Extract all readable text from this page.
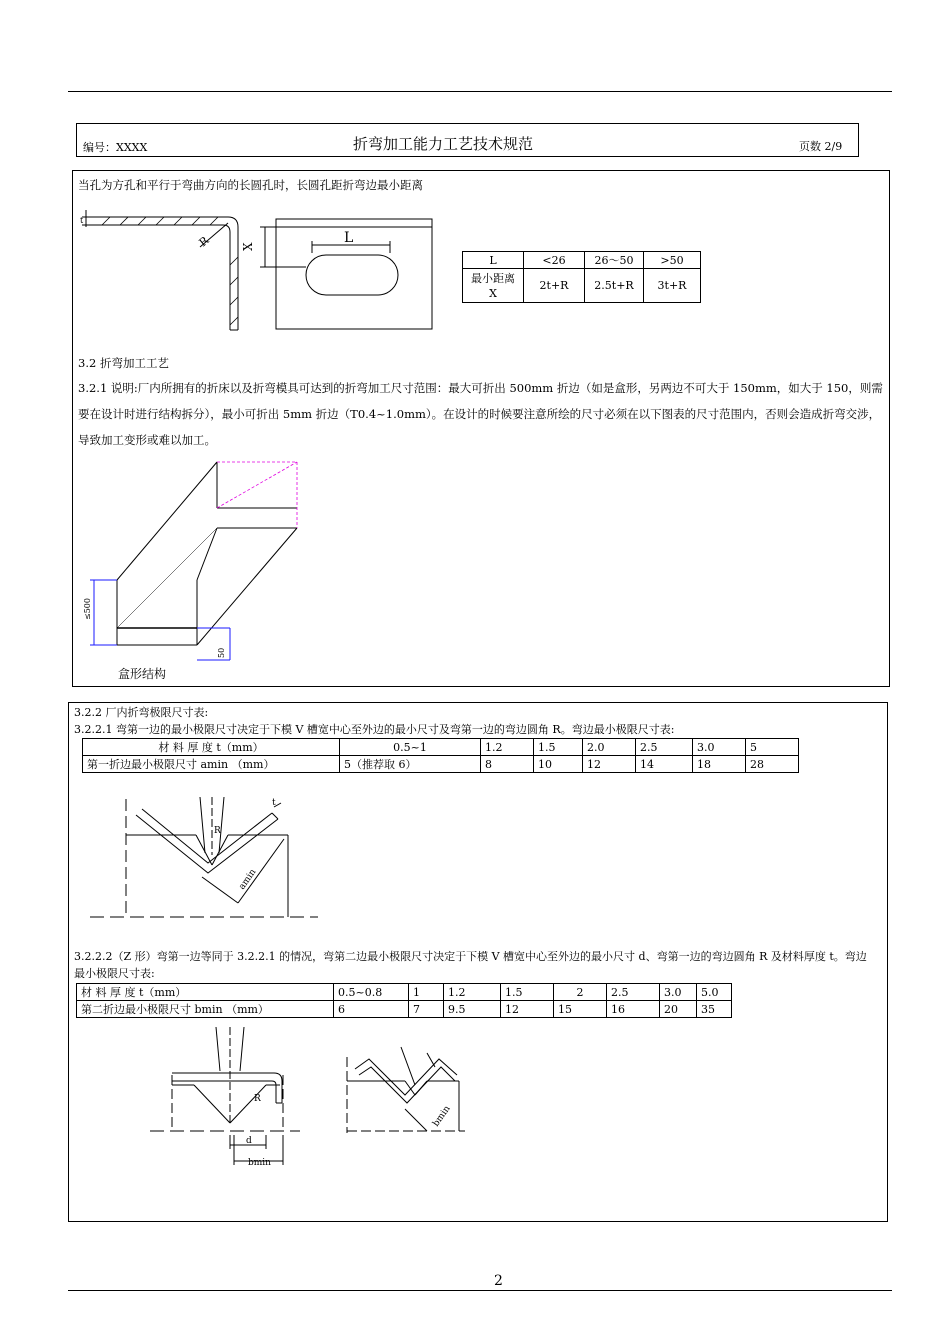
编号：XXXX	折弯加工能力工艺技术规范	页数 2/9
当孔为方孔和平行于弯曲方向的长圆孔时，长圆孔距折弯边最小距离
R
t
X
L
L	<26	26～50	>50
最小距离 X	2t+R	2.5t+R	3t+R
3.2 折弯加工工艺
3.2.1 说明:厂内所拥有的折床以及折弯模具可达到的折弯加工尺寸范围：最大可折出 500mm 折边（如是盒形，另两边不可大于 150mm，如大于 150，则需要在设计时进行结构拆分），最小可折出 5mm 折边（T0.4~1.0mm）。在设计的时候要注意所绘的尺寸必须在以下图表的尺寸范围内，否则会造成折弯交涉，导致加工变形或难以加工。
≤500
50
盒形结构
3.2.2 厂内折弯极限尺寸表:
3.2.2.1 弯第一边的最小极限尺寸决定于下模 V 槽宽中心至外边的最小尺寸及弯第一边的弯边圆角 R。弯边最小极限尺寸表:
材 料 厚 度 t（mm）	0.5~1	1.2	1.5	2.0	2.5	3.0	5
第一折边最小极限尺寸 amin （mm）	5（推荐取 6）	8	10	12	14	18	28
R
t
amin
3.2.2.2（Z 形）弯第一边等同于 3.2.2.1 的情况，弯第二边最小极限尺寸决定于下模 V 槽宽中心至外边的最小尺寸 d、弯第一边的弯边圆角 R 及材料厚度 t。弯边最小极限尺寸表:
材 料 厚 度 t（mm）	0.5~0.8	1	1.2	1.5	2	2.5	3.0	5.0
第二折边最小极限尺寸 bmin （mm）	6	7	9.5	12	15	16	20	35
R
d
bmin
bmin
2
